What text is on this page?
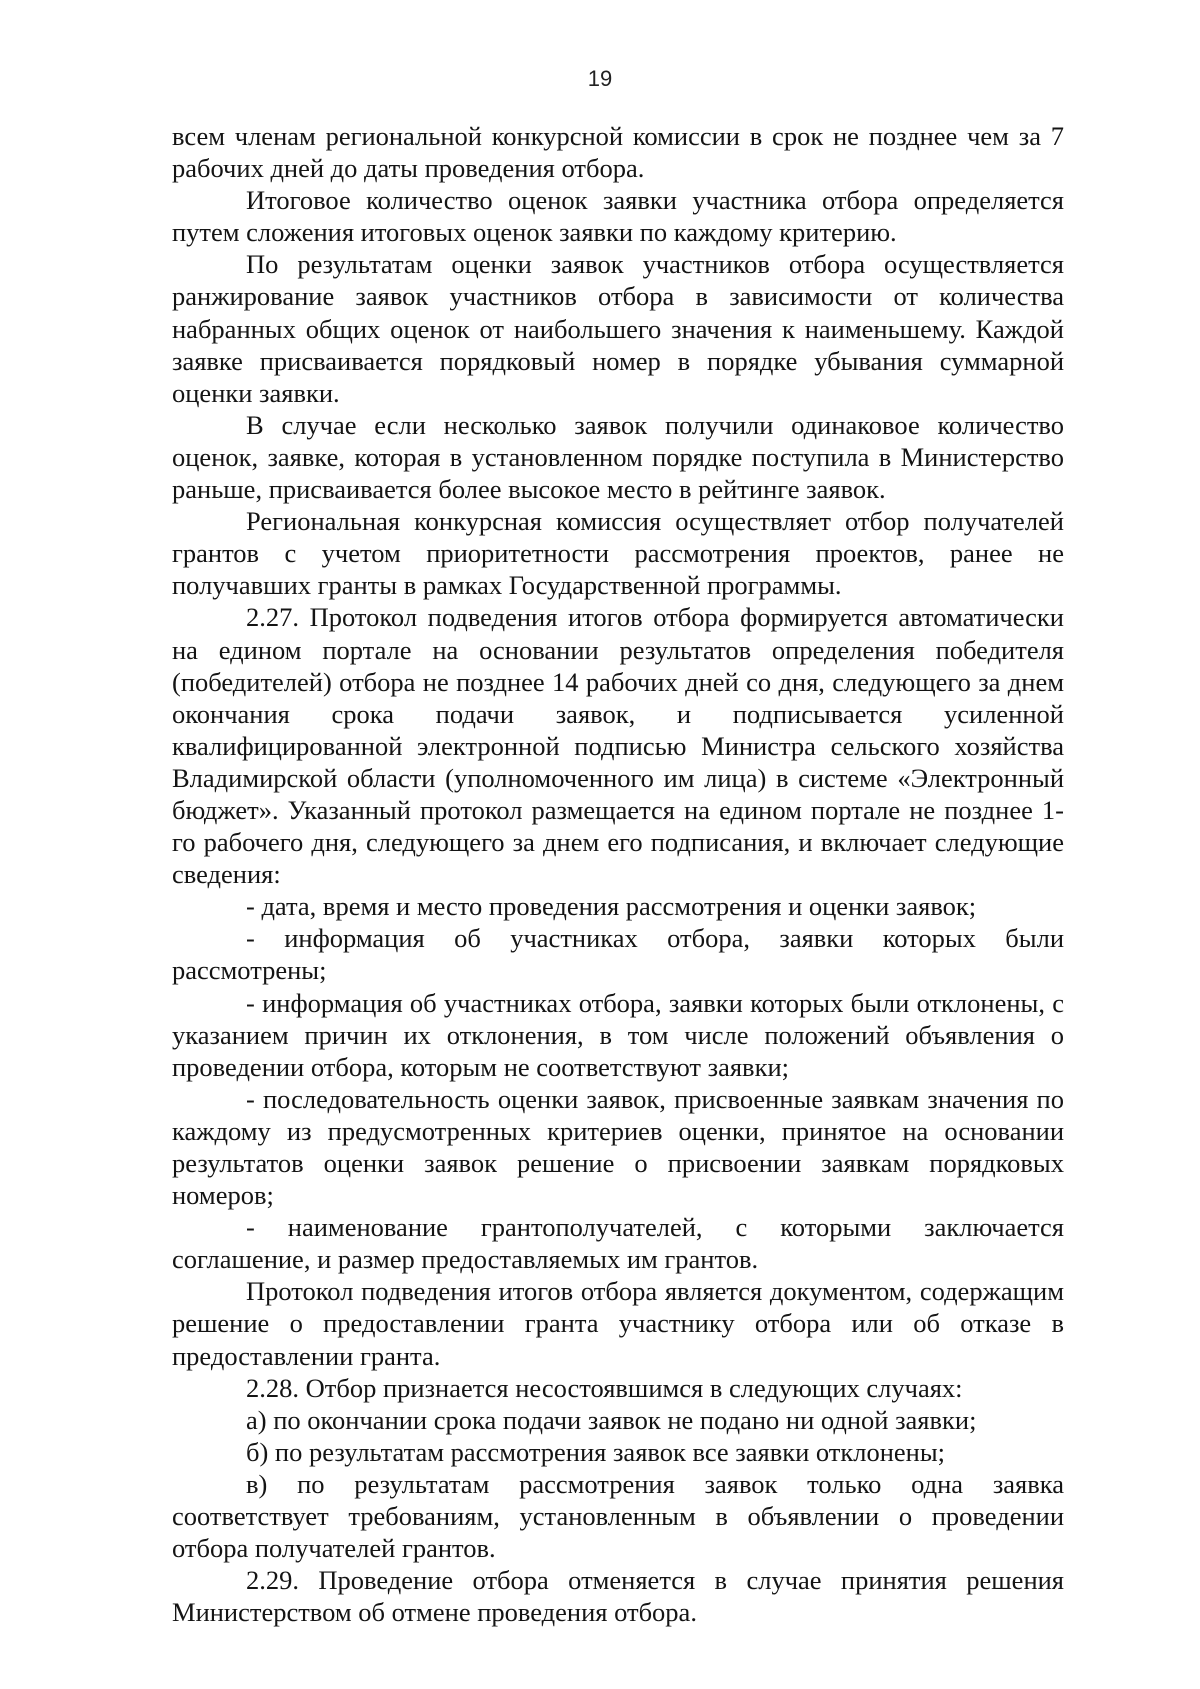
19

всем членам региональной конкурсной комиссии в срок не позднее чем за 7 рабочих дней до даты проведения отбора.

Итоговое количество оценок заявки участника отбора определяется путем сложения итоговых оценок заявки по каждому критерию.

По результатам оценки заявок участников отбора осуществляется ранжирование заявок участников отбора в зависимости от количества набранных общих оценок от наибольшего значения к наименьшему. Каждой заявке присваивается порядковый номер в порядке убывания суммарной оценки заявки.

В случае если несколько заявок получили одинаковое количество оценок, заявке, которая в установленном порядке поступила в Министерство раньше, присваивается более высокое место в рейтинге заявок.

Региональная конкурсная комиссия осуществляет отбор получателей грантов с учетом приоритетности рассмотрения проектов, ранее не получавших гранты в рамках Государственной программы.

2.27. Протокол подведения итогов отбора формируется автоматически на едином портале на основании результатов определения победителя (победителей) отбора не позднее 14 рабочих дней со дня, следующего за днем окончания срока подачи заявок, и подписывается усиленной квалифицированной электронной подписью Министра сельского хозяйства Владимирской области (уполномоченного им лица) в системе «Электронный бюджет». Указанный протокол размещается на едином портале не позднее 1-го рабочего дня, следующего за днем его подписания, и включает следующие сведения:

- дата, время и место проведения рассмотрения и оценки заявок;

- информация об участниках отбора, заявки которых были рассмотрены;

- информация об участниках отбора, заявки которых были отклонены, с указанием причин их отклонения, в том числе положений объявления о проведении отбора, которым не соответствуют заявки;

- последовательность оценки заявок, присвоенные заявкам значения по каждому из предусмотренных критериев оценки, принятое на основании результатов оценки заявок решение о присвоении заявкам порядковых номеров;

- наименование грантополучателей, с которыми заключается соглашение, и размер предоставляемых им грантов.

Протокол подведения итогов отбора является документом, содержащим решение о предоставлении гранта участнику отбора или об отказе в предоставлении гранта.

2.28. Отбор признается несостоявшимся в следующих случаях:

а) по окончании срока подачи заявок не подано ни одной заявки;

б) по результатам рассмотрения заявок все заявки отклонены;

в) по результатам рассмотрения заявок только одна заявка соответствует требованиям, установленным в объявлении о проведении отбора получателей грантов.

2.29. Проведение отбора отменяется в случае принятия решения Министерством об отмене проведения отбора.
